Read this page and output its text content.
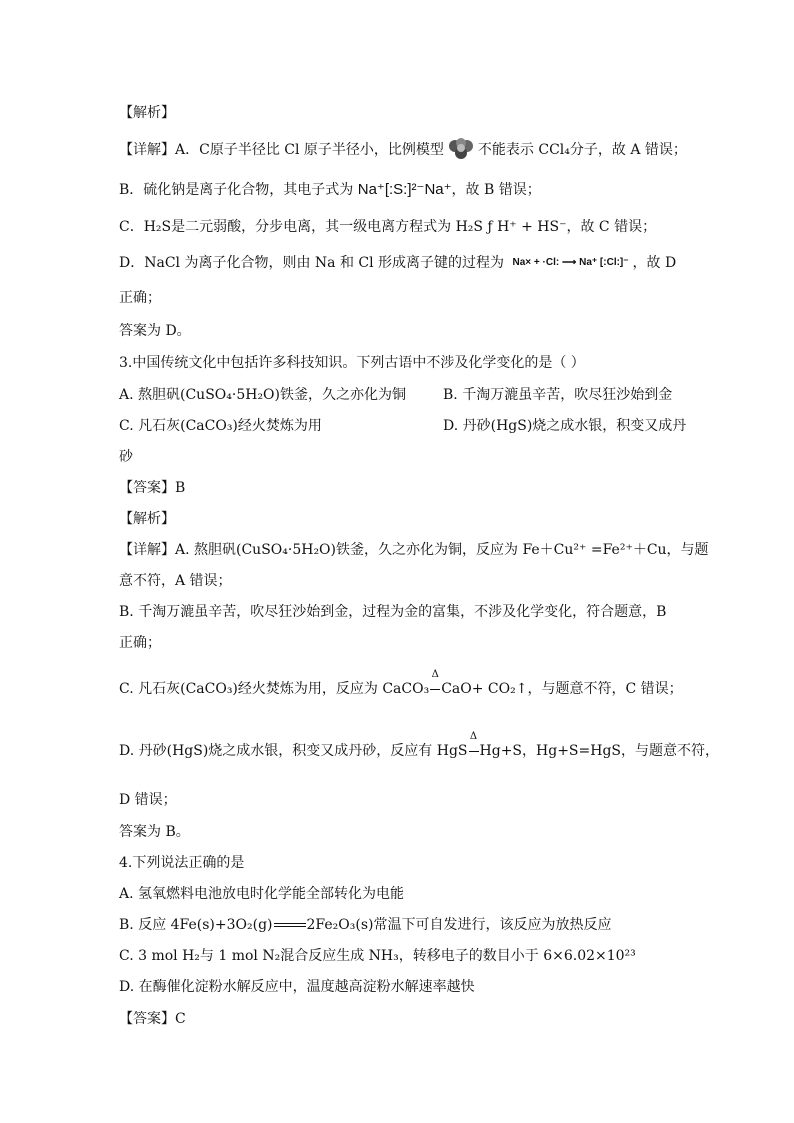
【解析】
【详解】A．C原子半径比 Cl 原子半径小，比例模型 不能表示 CCl₄分子，故 A 错误；
B．硫化钠是离子化合物，其电子式为 Na⁺[:S:]²⁻Na⁺，故 B 错误；
C．H₂S是二元弱酸，分步电离，其一级电离方程式为 H₂S ƒ H⁺ + HS⁻，故 C 错误；
D．NaCl 为离子化合物，则由 Na 和 Cl 形成离子键的过程为 Na× + ·Cl: ⟶ Na⁺ [:Cl:]⁻ ，故 D
正确；
答案为 D。
3.中国传统文化中包括许多科技知识。下列古语中不涉及化学变化的是（ ）
A. 熬胆矾(CuSO₄·5H₂O)铁釜，久之亦化为铜	B. 千淘万漉虽辛苦，吹尽狂沙始到金
C. 凡石灰(CaCO₃)经火焚炼为用	D. 丹砂(HgS)烧之成水银，积变又成丹
砂
【答案】B
【解析】
【详解】A. 熬胆矾(CuSO₄·5H₂O)铁釜，久之亦化为铜，反应为 Fe＋Cu²⁺ =Fe²⁺＋Cu，与题
意不符，A 错误；
B. 千淘万漉虽辛苦，吹尽狂沙始到金，过程为金的富集，不涉及化学变化，符合题意，B
正确；
C. 凡石灰(CaCO₃)经火焚炼为用，反应为 CaCO₃
Δ
CaO+ CO₂↑，与题意不符，C 错误；
D. 丹砂(HgS)烧之成水银，积变又成丹砂，反应有 HgS
Δ
Hg+S，Hg+S=HgS，与题意不符，
D 错误；
答案为 B。
4.下列说法正确的是
A. 氢氧燃料电池放电时化学能全部转化为电能
B. 反应 4Fe(s)+3O₂(g) 2Fe₂O₃(s)常温下可自发进行，该反应为放热反应
C. 3 mol H₂与 1 mol N₂混合反应生成 NH₃，转移电子的数目小于 6×6.02×10²³
D. 在酶催化淀粉水解反应中，温度越高淀粉水解速率越快
【答案】C
